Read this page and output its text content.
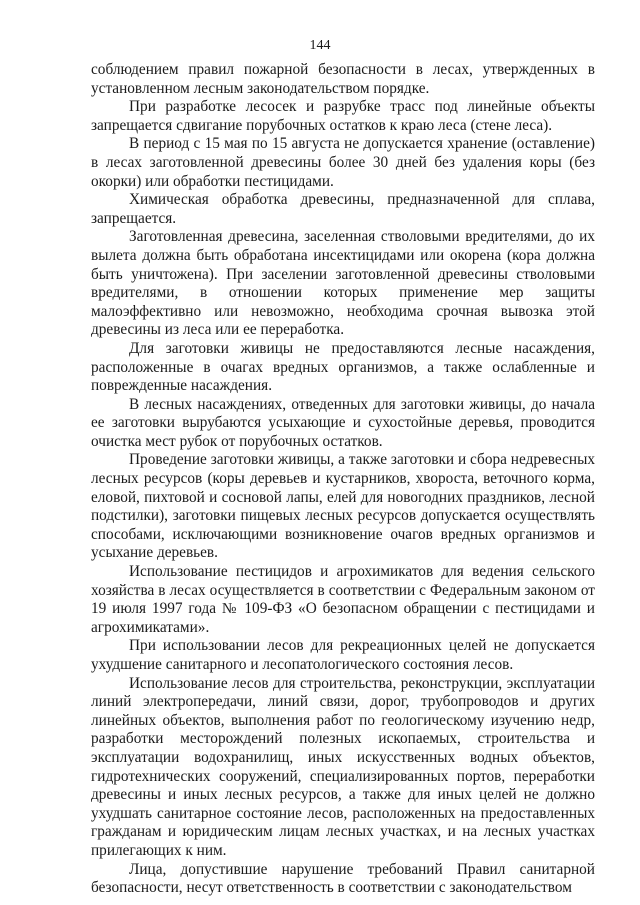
144

соблюдением правил пожарной безопасности в лесах, утвержденных в установленном лесным законодательством порядке.

При разработке лесосек и разрубке трасс под линейные объекты запрещается сдвигание порубочных остатков к краю леса (стене леса).

В период с 15 мая по 15 августа не допускается хранение (оставление) в лесах заготовленной древесины более 30 дней без удаления коры (без окорки) или обработки пестицидами.

Химическая обработка древесины, предназначенной для сплава, запрещается.

Заготовленная древесина, заселенная стволовыми вредителями, до их вылета должна быть обработана инсектицидами или окорена (кора должна быть уничтожена). При заселении заготовленной древесины стволовыми вредителями, в отношении которых применение мер защиты малоэффективно или невозможно, необходима срочная вывозка этой древесины из леса или ее переработка.

Для заготовки живицы не предоставляются лесные насаждения, расположенные в очагах вредных организмов, а также ослабленные и поврежденные насаждения.

В лесных насаждениях, отведенных для заготовки живицы, до начала ее заготовки вырубаются усыхающие и сухостойные деревья, проводится очистка мест рубок от порубочных остатков.

Проведение заготовки живицы, а также заготовки и сбора недревесных лесных ресурсов (коры деревьев и кустарников, хвороста, веточного корма, еловой, пихтовой и сосновой лапы, елей для новогодних праздников, лесной подстилки), заготовки пищевых лесных ресурсов допускается осуществлять способами, исключающими возникновение очагов вредных организмов и усыхание деревьев.

Использование пестицидов и агрохимикатов для ведения сельского хозяйства в лесах осуществляется в соответствии с Федеральным законом от 19 июля 1997 года № 109-ФЗ «О безопасном обращении с пестицидами и агрохимикатами».

При использовании лесов для рекреационных целей не допускается ухудшение санитарного и лесопатологического состояния лесов.

Использование лесов для строительства, реконструкции, эксплуатации линий электропередачи, линий связи, дорог, трубопроводов и других линейных объектов, выполнения работ по геологическому изучению недр, разработки месторождений полезных ископаемых, строительства и эксплуатации водохранилищ, иных искусственных водных объектов, гидротехнических сооружений, специализированных портов, переработки древесины и иных лесных ресурсов, а также для иных целей не должно ухудшать санитарное состояние лесов, расположенных на предоставленных гражданам и юридическим лицам лесных участках, и на лесных участках прилегающих к ним.

Лица, допустившие нарушение требований Правил санитарной безопасности, несут ответственность в соответствии с законодательством
